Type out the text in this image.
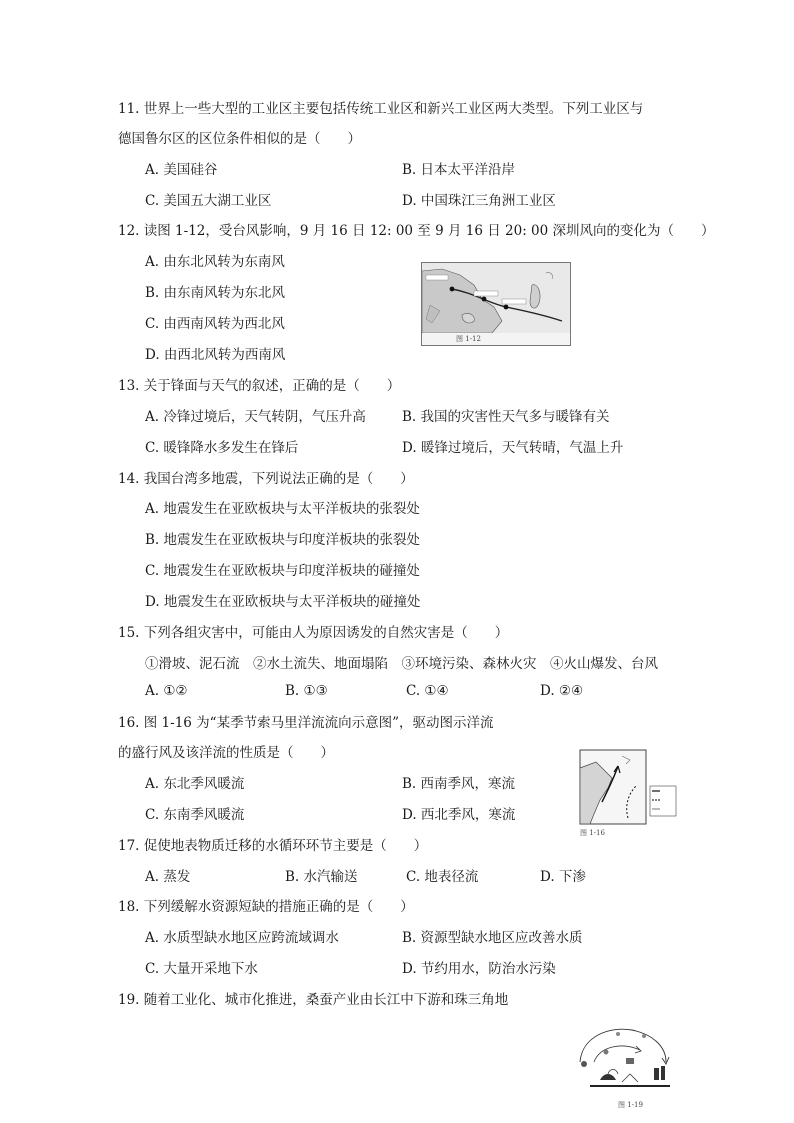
11. 世界上一些大型的工业区主要包括传统工业区和新兴工业区两大类型。下列工业区与
德国鲁尔区的区位条件相似的是（　　）
A. 美国硅谷	B. 日本太平洋沿岸
C. 美国五大湖工业区	D. 中国珠江三角洲工业区
12. 读图 1-12，受台风影响，9 月 16 日 12: 00 至 9 月 16 日 20: 00 深圳风向的变化为（　　）
A. 由东北风转为东南风
B. 由东南风转为东北风
C. 由西南风转为西北风
D. 由西北风转为西南风
图 1-12
13. 关于锋面与天气的叙述，正确的是（　　）
A. 冷锋过境后，天气转阴，气压升高	B. 我国的灾害性天气多与暖锋有关
C. 暖锋降水多发生在锋后	D. 暖锋过境后，天气转晴，气温上升
14. 我国台湾多地震，下列说法正确的是（　　）
A. 地震发生在亚欧板块与太平洋板块的张裂处
B. 地震发生在亚欧板块与印度洋板块的张裂处
C. 地震发生在亚欧板块与印度洋板块的碰撞处
D. 地震发生在亚欧板块与太平洋板块的碰撞处
15. 下列各组灾害中，可能由人为原因诱发的自然灾害是（　　）
①滑坡、泥石流　②水土流失、地面塌陷　③环境污染、森林火灾　④火山爆发、台风
A. ①②	B. ①③	C. ①④	D. ②④
16. 图 1-16 为“某季节索马里洋流流向示意图”，驱动图示洋流
的盛行风及该洋流的性质是（　　）
A. 东北季风暖流	B. 西南季风，寒流
C. 东南季风暖流	D. 西北季风，寒流
图 1-16
17. 促使地表物质迁移的水循环环节主要是（　　）
A. 蒸发	B. 水汽输送	C. 地表径流	D. 下渗
18. 下列缓解水资源短缺的措施正确的是（　　）
A. 水质型缺水地区应跨流域调水	B. 资源型缺水地区应改善水质
C. 大量开采地下水	D. 节约用水，防治水污染
19. 随着工业化、城市化推进，桑蚕产业由长江中下游和珠三角地
图 1-19
